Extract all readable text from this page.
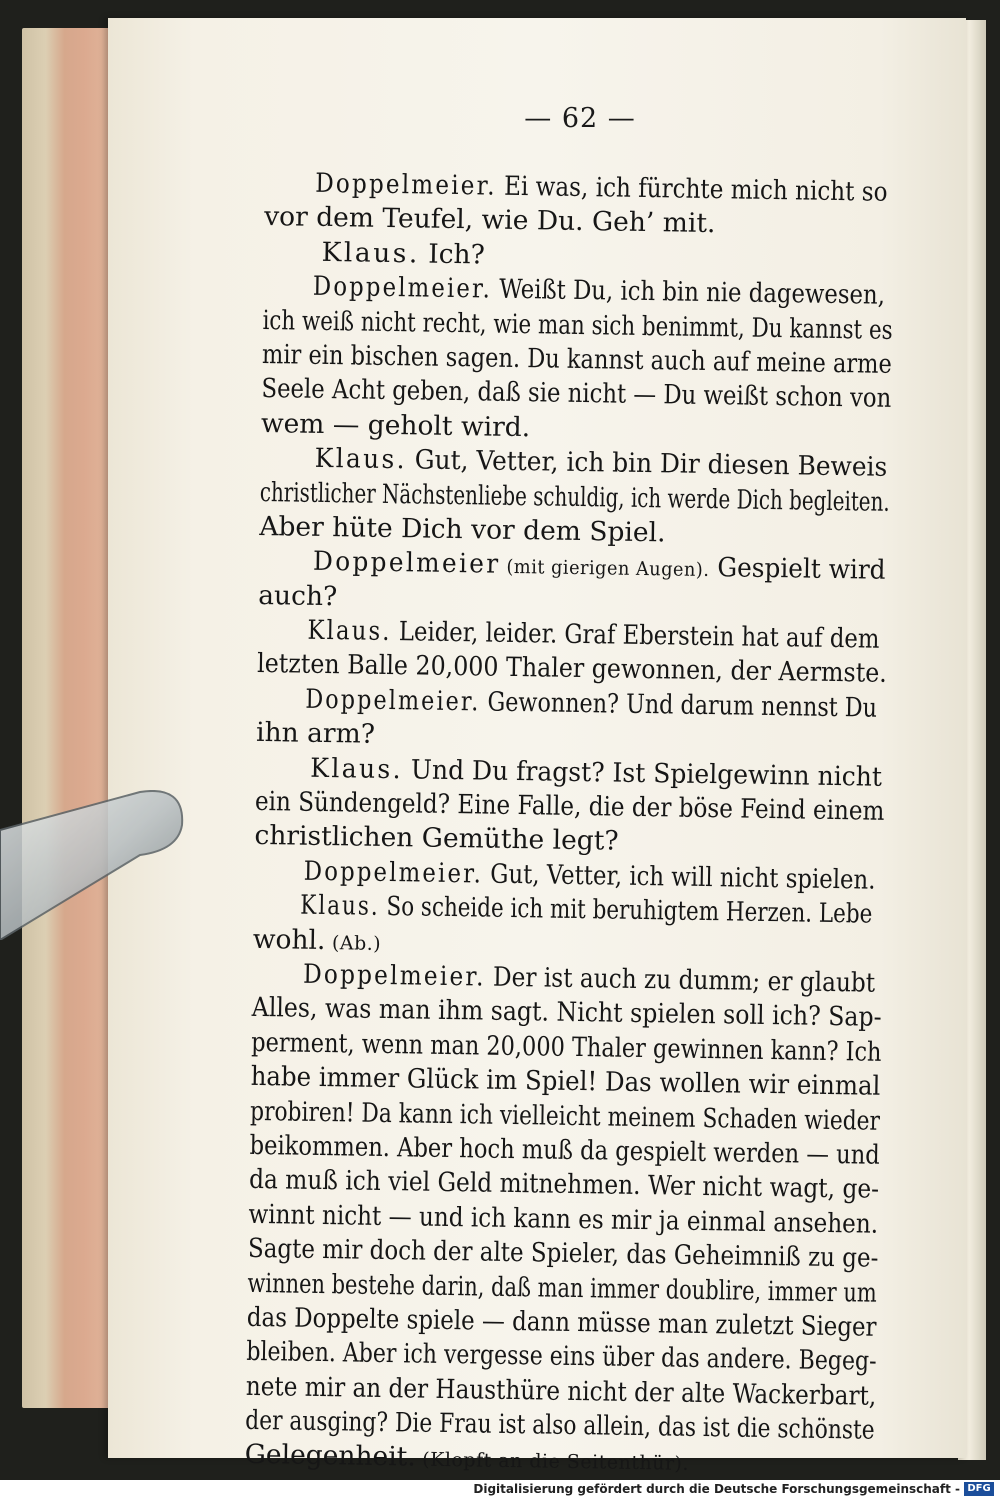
— 62 —
Doppelmeier. Ei was, ich fürchte mich nicht so
vor dem Teufel, wie Du. Geh’ mit.
Klaus. Ich?
Doppelmeier. Weißt Du, ich bin nie dagewesen,
ich weiß nicht recht, wie man sich benimmt, Du kannst es
mir ein bischen sagen. Du kannst auch auf meine arme
Seele Acht geben, daß sie nicht — Du weißt schon von
wem — geholt wird.
Klaus. Gut, Vetter, ich bin Dir diesen Beweis
christlicher Nächstenliebe schuldig, ich werde Dich begleiten.
Aber hüte Dich vor dem Spiel.
Doppelmeier (mit gierigen Augen). Gespielt wird
auch?
Klaus. Leider, leider. Graf Eberstein hat auf dem
letzten Balle 20,000 Thaler gewonnen, der Aermste.
Doppelmeier. Gewonnen? Und darum nennst Du
ihn arm?
Klaus. Und Du fragst? Ist Spielgewinn nicht
ein Sündengeld? Eine Falle, die der böse Feind einem
christlichen Gemüthe legt?
Doppelmeier. Gut, Vetter, ich will nicht spielen.
Klaus. So scheide ich mit beruhigtem Herzen. Lebe
wohl. (Ab.)
Doppelmeier. Der ist auch zu dumm; er glaubt
Alles, was man ihm sagt. Nicht spielen soll ich? Sap-
perment, wenn man 20,000 Thaler gewinnen kann? Ich
habe immer Glück im Spiel! Das wollen wir einmal
probiren! Da kann ich vielleicht meinem Schaden wieder
beikommen. Aber hoch muß da gespielt werden — und
da muß ich viel Geld mitnehmen. Wer nicht wagt, ge-
winnt nicht — und ich kann es mir ja einmal ansehen.
Sagte mir doch der alte Spieler, das Geheimniß zu ge-
winnen bestehe darin, daß man immer doublire, immer um
das Doppelte spiele — dann müsse man zuletzt Sieger
bleiben. Aber ich vergesse eins über das andere. Begeg-
nete mir an der Hausthüre nicht der alte Wackerbart,
der ausging? Die Frau ist also allein, das ist die schönste
Gelegenheit. (Klopft an die Seitenthür).
Digitalisierung gefördert durch die Deutsche Forschungsgemeinschaft - DFG
